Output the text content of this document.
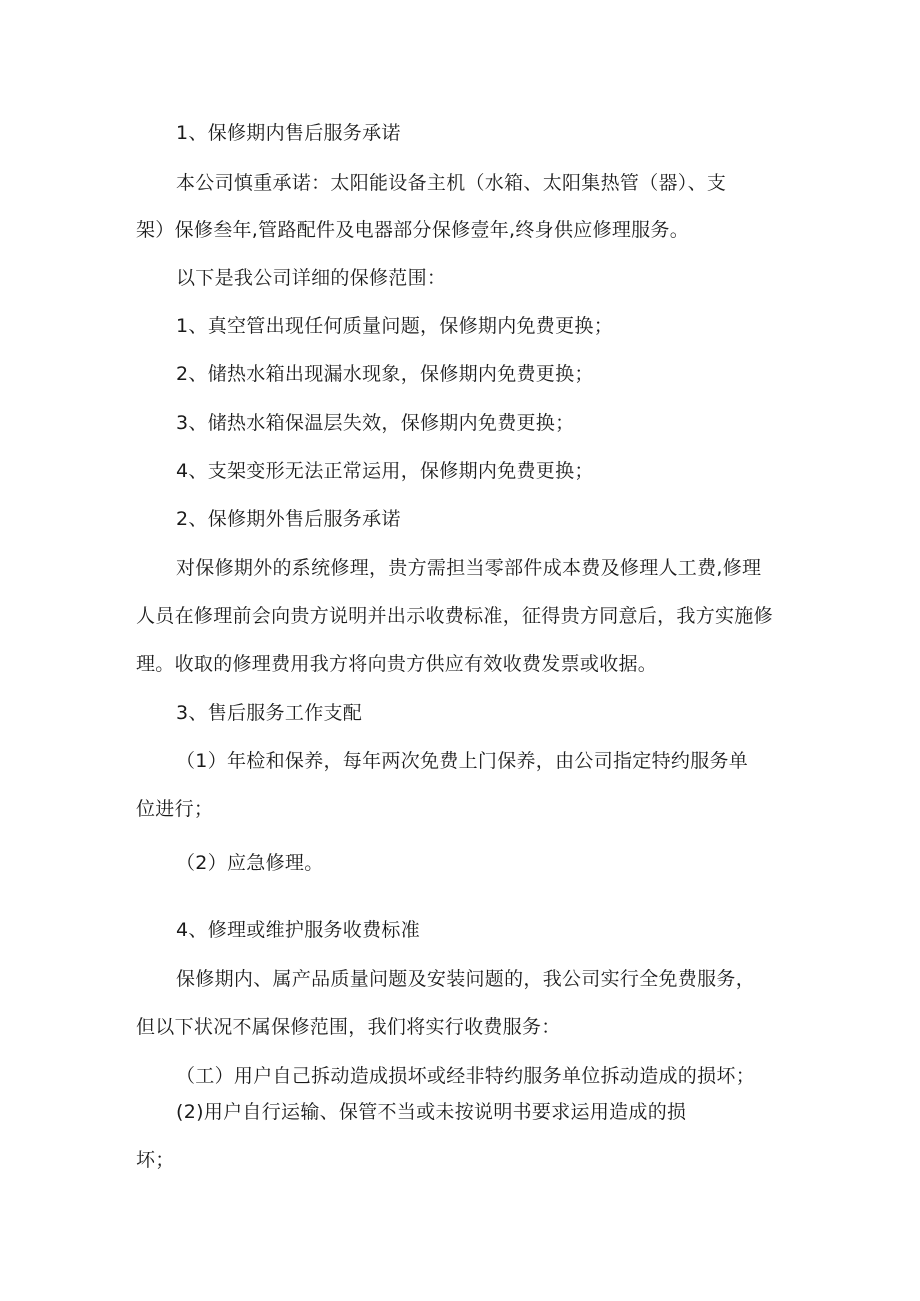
1、保修期内售后服务承诺
本公司慎重承诺：太阳能设备主机（水箱、太阳集热管（器）、支
架）保修叁年,管路配件及电器部分保修壹年,终身供应修理服务。
以下是我公司详细的保修范围：
1、真空管出现任何质量问题，保修期内免费更换；
2、储热水箱出现漏水现象，保修期内免费更换；
3、储热水箱保温层失效，保修期内免费更换；
4、支架变形无法正常运用，保修期内免费更换；
2、保修期外售后服务承诺
对保修期外的系统修理，贵方需担当零部件成本费及修理人工费,修理
人员在修理前会向贵方说明并出示收费标准，征得贵方同意后，我方实施修
理。收取的修理费用我方将向贵方供应有效收费发票或收据。
3、售后服务工作支配
（1）年检和保养，每年两次免费上门保养，由公司指定特约服务单
位进行；
（2）应急修理。
4、修理或维护服务收费标准
保修期内、属产品质量问题及安装问题的，我公司实行全免费服务，
但以下状况不属保修范围，我们将实行收费服务：
（工）用户自己拆动造成损坏或经非特约服务单位拆动造成的损坏；
(2)用户自行运输、保管不当或未按说明书要求运用造成的损
坏；
